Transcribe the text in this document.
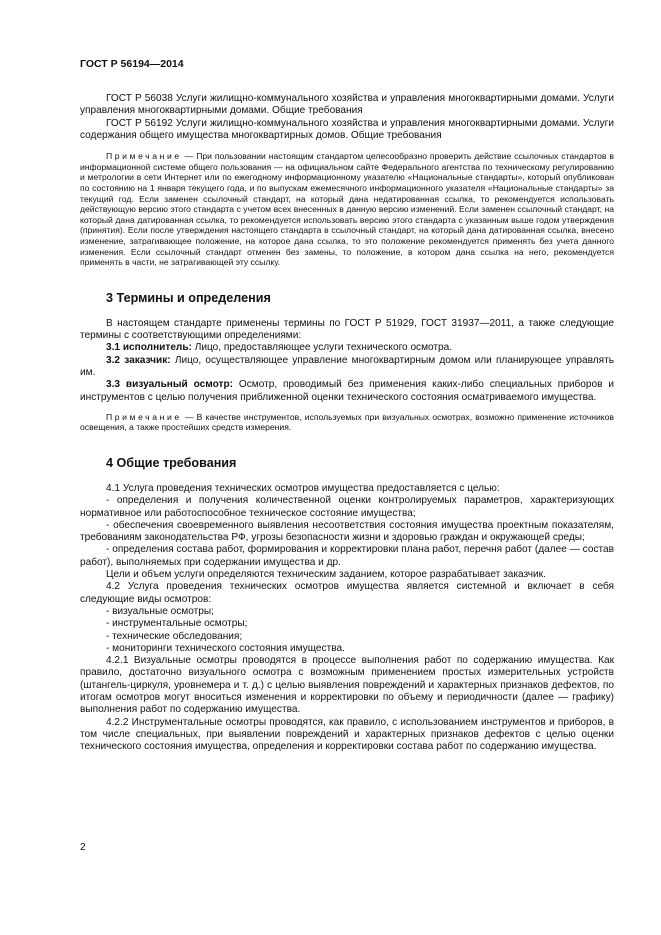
ГОСТ Р 56194—2014

ГОСТ Р 56038 Услуги жилищно-коммунального хозяйства и управления многоквартирными домами. Услуги управления многоквартирными домами. Общие требования

ГОСТ Р 56192 Услуги жилищно-коммунального хозяйства и управления многоквартирными домами. Услуги содержания общего имущества многоквартирных домов. Общие требования

Примечание — При пользовании настоящим стандартом целесообразно проверить действие ссылочных стандартов в информационной системе общего пользования — на официальном сайте Федерального агентства по техническому регулированию и метрологии в сети Интернет или по ежегодному информационному указателю «Национальные стандарты», который опубликован по состоянию на 1 января текущего года, и по выпускам ежемесячного информационного указателя «Национальные стандарты» за текущий год. Если заменен ссылочный стандарт, на который дана недатированная ссылка, то рекомендуется использовать действующую версию этого стандарта с учетом всех внесенных в данную версию изменений. Если заменен ссылочный стандарт, на который дана датированная ссылка, то рекомендуется использовать версию этого стандарта с указанным выше годом утверждения (принятия). Если после утверждения настоящего стандарта в ссылочный стандарт, на который дана датированная ссылка, внесено изменение, затрагивающее положение, на которое дана ссылка, то это положение рекомендуется применять без учета данного изменения. Если ссылочный стандарт отменен без замены, то положение, в котором дана ссылка на него, рекомендуется применять в части, не затрагивающей эту ссылку.

3 Термины и определения

В настоящем стандарте применены термины по ГОСТ Р 51929, ГОСТ 31937—2011, а также следующие термины с соответствующими определениями:

3.1 исполнитель: Лицо, предоставляющее услуги технического осмотра.

3.2 заказчик: Лицо, осуществляющее управление многоквартирным домом или планирующее управлять им.

3.3 визуальный осмотр: Осмотр, проводимый без применения каких-либо специальных приборов и инструментов с целью получения приближенной оценки технического состояния осматриваемого имущества.

Примечание — В качестве инструментов, используемых при визуальных осмотрах, возможно применение источников освещения, а также простейших средств измерения.

4 Общие требования

4.1 Услуга проведения технических осмотров имущества предоставляется с целью:

- определения и получения количественной оценки контролируемых параметров, характеризующих нормативное или работоспособное техническое состояние имущества;

- обеспечения своевременного выявления несоответствия состояния имущества проектным показателям, требованиям законодательства РФ, угрозы безопасности жизни и здоровью граждан и окружающей среды;

- определения состава работ, формирования и корректировки плана работ, перечня работ (далее — состав работ), выполняемых при содержании имущества и др.

Цели и объем услуги определяются техническим заданием, которое разрабатывает заказчик.

4.2 Услуга проведения технических осмотров имущества является системной и включает в себя следующие виды осмотров:

- визуальные осмотры;

- инструментальные осмотры;

- технические обследования;

- мониторинги технического состояния имущества.

4.2.1 Визуальные осмотры проводятся в процессе выполнения работ по содержанию имущества. Как правило, достаточно визуального осмотра с возможным применением простых измерительных устройств (штангель-циркуля, уровнемера и т. д.) с целью выявления повреждений и характерных признаков дефектов, по итогам осмотров могут вноситься изменения и корректировки по объему и периодичности (далее — графику) выполнения работ по содержанию имущества.

4.2.2 Инструментальные осмотры проводятся, как правило, с использованием инструментов и приборов, в том числе специальных, при выявлении повреждений и характерных признаков дефектов с целью оценки технического состояния имущества, определения и корректировки состава работ по содержанию имущества.

2
